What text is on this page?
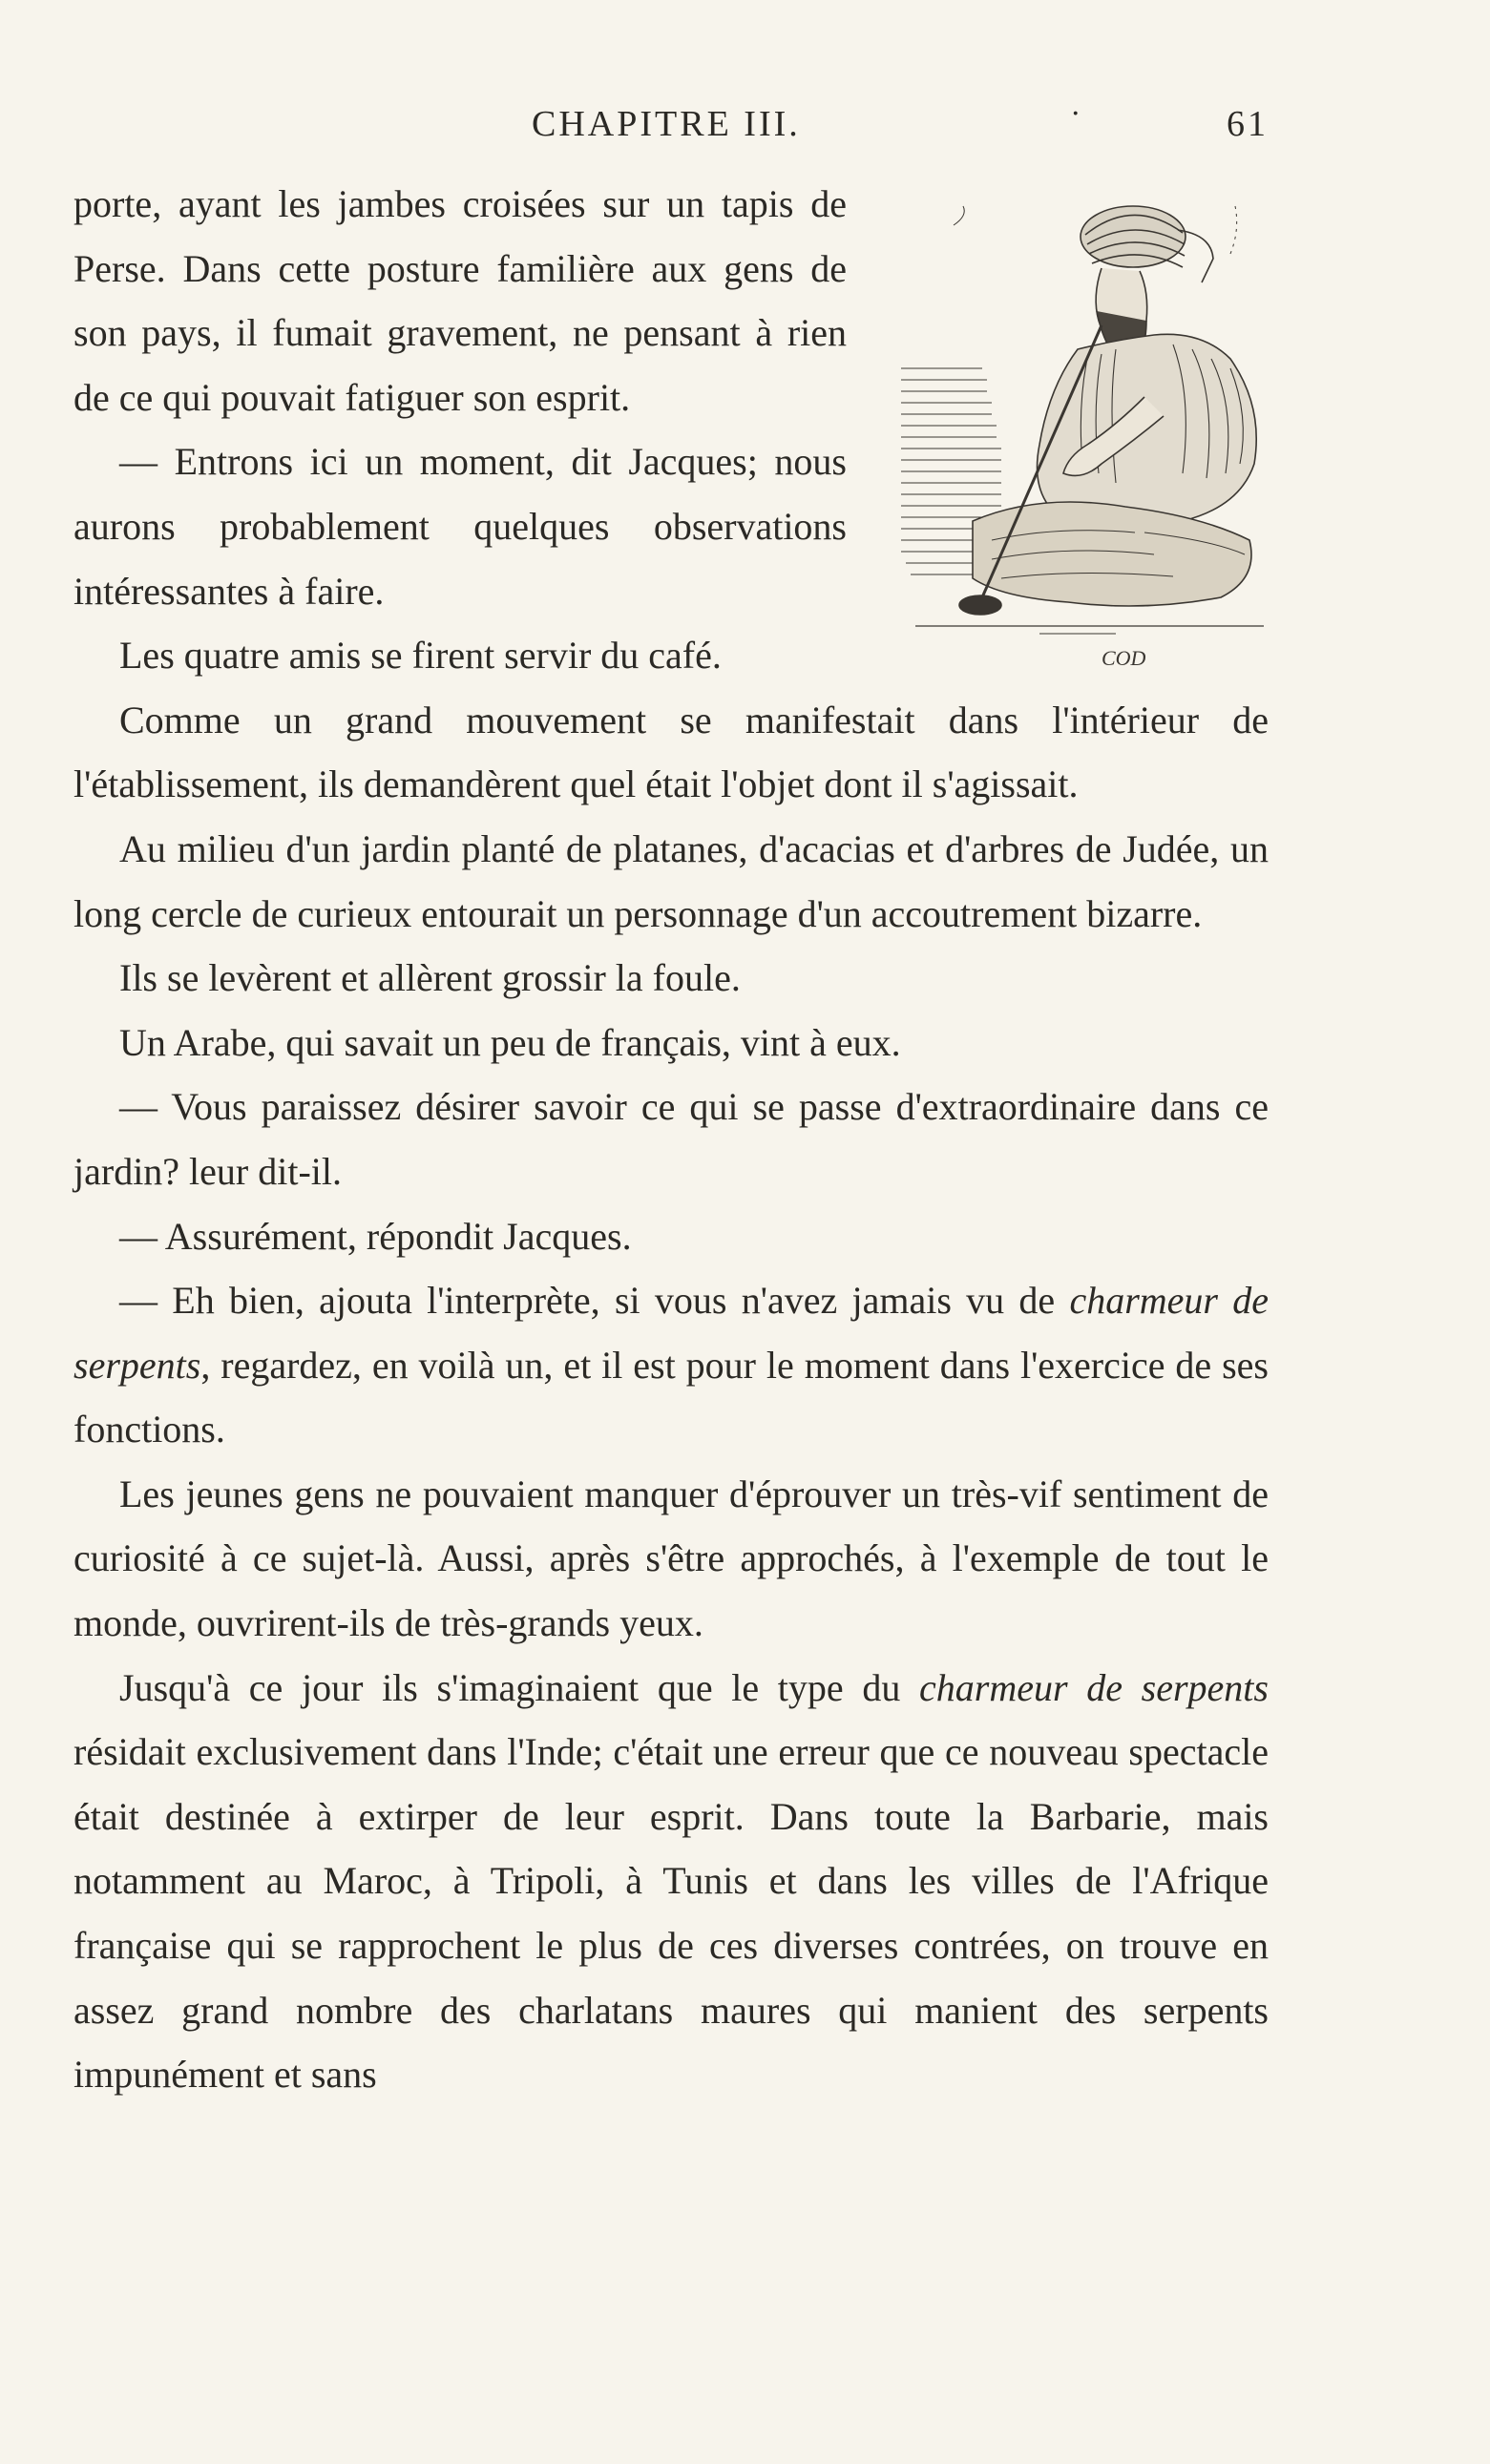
CHAPITRE III.	·	61
COD

porte, ayant les jambes croisées sur un tapis de Perse. Dans cette posture familière aux gens de son pays, il fumait gravement, ne pensant à rien de ce qui pouvait fatiguer son esprit.

— Entrons ici un moment, dit Jacques; nous aurons probablement quelques observations intéressantes à faire.

Les quatre amis se firent servir du café.

Comme un grand mouvement se manifestait dans l'intérieur de l'établissement, ils demandèrent quel était l'objet dont il s'agissait.

Au milieu d'un jardin planté de platanes, d'acacias et d'arbres de Judée, un long cercle de curieux entourait un personnage d'un accoutrement bizarre.

Ils se levèrent et allèrent grossir la foule.

Un Arabe, qui savait un peu de français, vint à eux.

— Vous paraissez désirer savoir ce qui se passe d'extraordinaire dans ce jardin? leur dit-il.

— Assurément, répondit Jacques.

— Eh bien, ajouta l'interprète, si vous n'avez jamais vu de charmeur de serpents, regardez, en voilà un, et il est pour le moment dans l'exercice de ses fonctions.

Les jeunes gens ne pouvaient manquer d'éprouver un très-vif sentiment de curiosité à ce sujet-là. Aussi, après s'être approchés, à l'exemple de tout le monde, ouvrirent-ils de très-grands yeux.

Jusqu'à ce jour ils s'imaginaient que le type du charmeur de serpents résidait exclusivement dans l'Inde; c'était une erreur que ce nouveau spectacle était destinée à extirper de leur esprit. Dans toute la Barbarie, mais notamment au Maroc, à Tripoli, à Tunis et dans les villes de l'Afrique française qui se rapprochent le plus de ces diverses contrées, on trouve en assez grand nombre des charlatans maures qui manient des serpents impunément et sans
